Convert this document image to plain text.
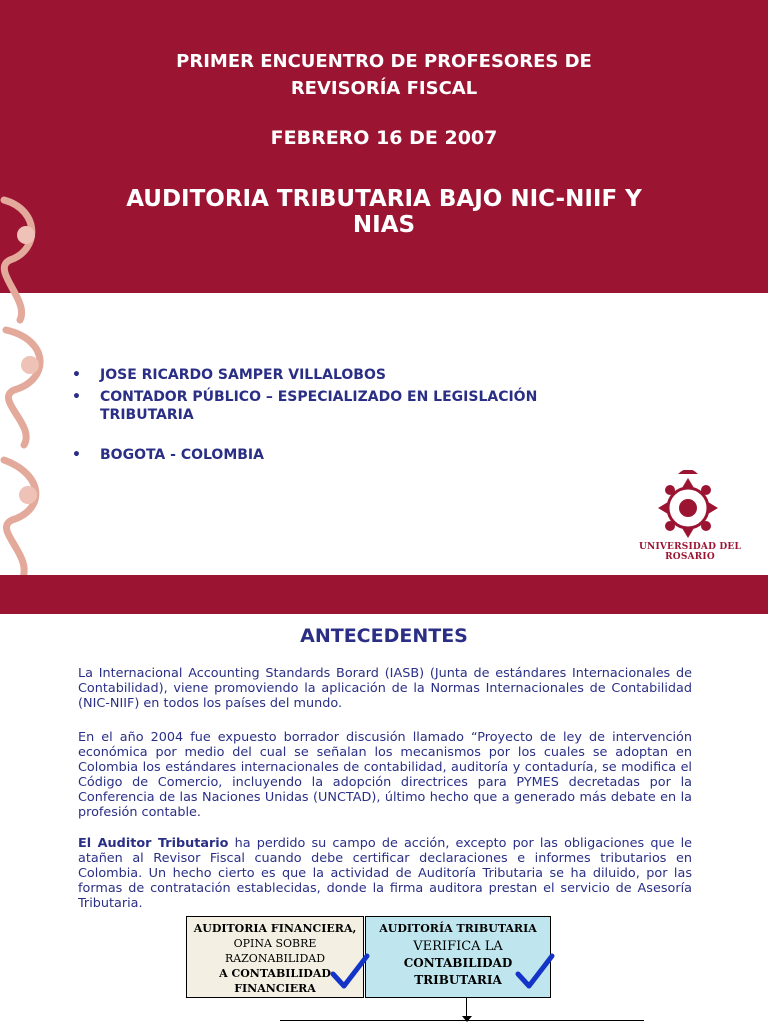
PRIMER ENCUENTRO DE PROFESORES DE
REVISORÍA FISCAL
FEBRERO 16 DE 2007
AUDITORIA TRIBUTARIA BAJO NIC-NIIF Y
NIAS
• JOSE RICARDO SAMPER VILLALOBOS
• CONTADOR PÚBLICO – ESPECIALIZADO EN LEGISLACIÓN TRIBUTARIA
• BOGOTA - COLOMBIA
UNIVERSIDAD DEL ROSARIO
ANTECEDENTES

La Internacional Accounting Standards Borard (IASB) (Junta de estándares Internacionales de Contabilidad), viene promoviendo la aplicación de la Normas Internacionales de Contabilidad (NIC-NIIF) en todos los países del mundo.

En el año 2004 fue expuesto borrador discusión llamado “Proyecto de ley de intervención económica por medio del cual se señalan los mecanismos por los cuales se adoptan en Colombia los estándares internacionales de contabilidad, auditoría y contaduría, se modifica el Código de Comercio, incluyendo la adopción directrices para PYMES decretadas por la Conferencia de las Naciones Unidas (UNCTAD), último hecho que a generado más debate en la profesión contable.

El Auditor Tributario ha perdido su campo de acción, excepto por las obligaciones que le atañen al Revisor Fiscal cuando debe certificar declaraciones e informes tributarios en Colombia. Un hecho cierto es que la actividad de Auditoría Tributaria se ha diluido, por las formas de contratación establecidas, donde la firma auditora prestan el servicio de Asesoría Tributaria.

AUDITORIA FINANCIERA,
OPINA SOBRE
RAZONABILIDAD
A CONTABILIDAD
FINANCIERA
AUDITORÍA TRIBUTARIA
VERIFICA LA
CONTABILIDAD
TRIBUTARIA
